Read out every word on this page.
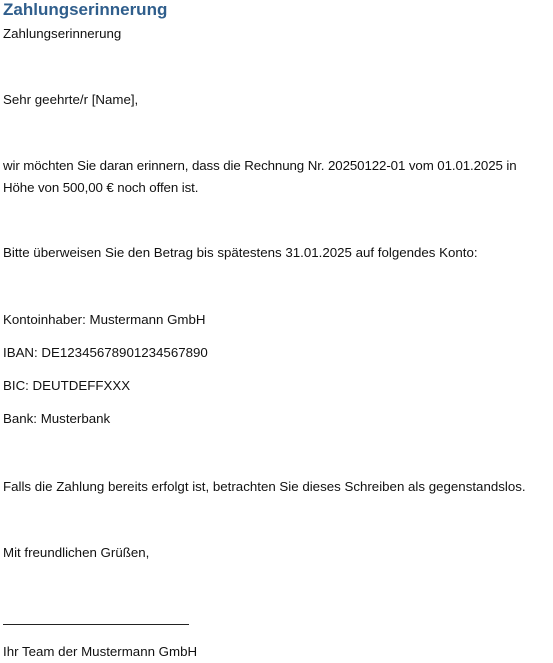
Zahlungserinnerung

Zahlungserinnerung

Sehr geehrte/r [Name],

wir möchten Sie daran erinnern, dass die Rechnung Nr. 20250122-01 vom 01.01.2025 in Höhe von 500,00 € noch offen ist.

Bitte überweisen Sie den Betrag bis spätestens 31.01.2025 auf folgendes Konto:

Kontoinhaber: Mustermann GmbH

IBAN: DE12345678901234567890

BIC: DEUTDEFFXXX

Bank: Musterbank

Falls die Zahlung bereits erfolgt ist, betrachten Sie dieses Schreiben als gegenstandslos.

Mit freundlichen Grüßen,

Ihr Team der Mustermann GmbH
